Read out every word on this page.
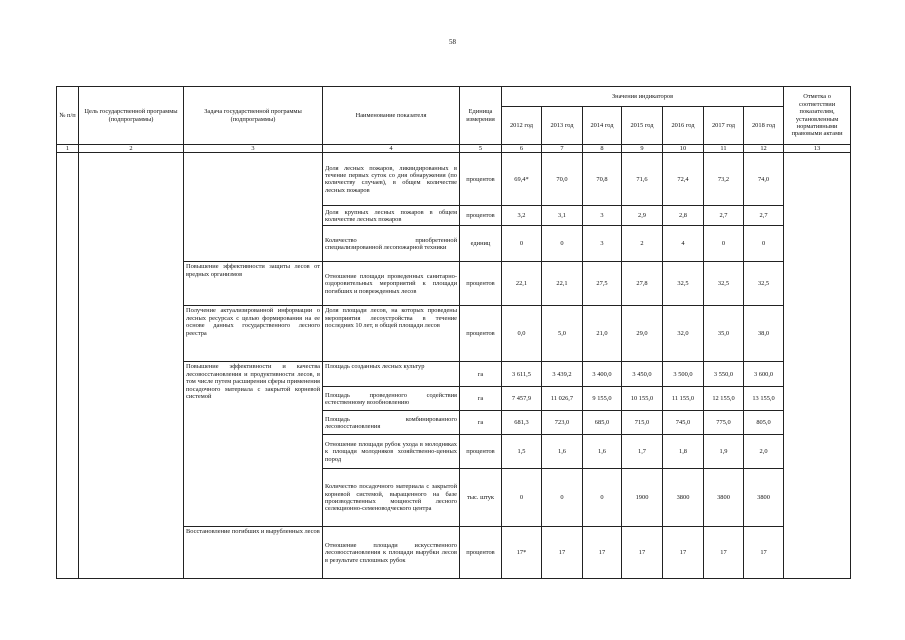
58
№ п/п	Цель государственной программы (подпрограммы)	Задача государственной программы (подпрограммы)	Наименование показателя	Единица измерения	Значения индикаторов							Отметка о соответствии показателям, установленным нормативными правовыми актами
					2012 год	2013 год	2014 год	2015 год	2016 год	2017 год	2018 год	
1	2	3	4	5	6	7	8	9	10	11	12	13
			Доля лесных пожаров, ликвидированных в течение первых суток со дня обнаружения (по количеству случаев), в общем количестве лесных пожаров	процентов	69,4*	70,0	70,8	71,6	72,4	73,2	74,0	
			Доля крупных лесных пожаров в общем количестве лесных пожаров	процентов	3,2	3,1	3	2,9	2,8	2,7	2,7	
			Количество приобретенной специализированной лесопожарной техники	единиц	0	0	3	2	4	0	0	
		Повышение эффективности защиты лесов от вредных организмов	Отношение площади проведенных санитарно-оздоровительных мероприятий к площади погибших и поврежденных лесов	процентов	22,1	22,1	27,5	27,8	32,5	32,5	32,5	
		Получение актуализированной информации о лесных ресурсах с целью формирования на ее основе данных государственного лесного реестра	Доля площади лесов, на которых проведены мероприятия лесоустройства в течение последних 10 лет, в общей площади лесов	процентов	0,0	5,0	21,0	29,0	32,0	35,0	38,0	
		Повышение эффективности и качества лесовосстановления и продуктивности лесов, в том числе путем расширения сферы применения посадочного материала с закрытой корневой системой	Площадь созданных лесных культур	га	3 611,5	3 439,2	3 400,0	3 450,0	3 500,0	3 550,0	3 600,0	
			Площадь проведенного содействия естественному возобновлению	га	7 457,9	11 026,7	9 155,0	10 155,0	11 155,0	12 155,0	13 155,0	
			Площадь комбинированного лесовосстановления	га	681,3	723,0	685,0	715,0	745,0	775,0	805,0	
			Отношение площади рубок ухода в молодняках к площади молодняков хозяйственно-ценных пород	процентов	1,5	1,6	1,6	1,7	1,8	1,9	2,0	
			Количество посадочного материала с закрытой корневой системой, выращенного на базе производственных мощностей лесного селекционно-семеноводческого центра	тыс. штук	0	0	0	1900	3800	3800	3800	
		Восстановление погибших и вырубленных лесов	Отношение площади искусственного лесовосстановления к площади вырубки лесов в результате сплошных рубок	процентов	17*	17	17	17	17	17	17	
